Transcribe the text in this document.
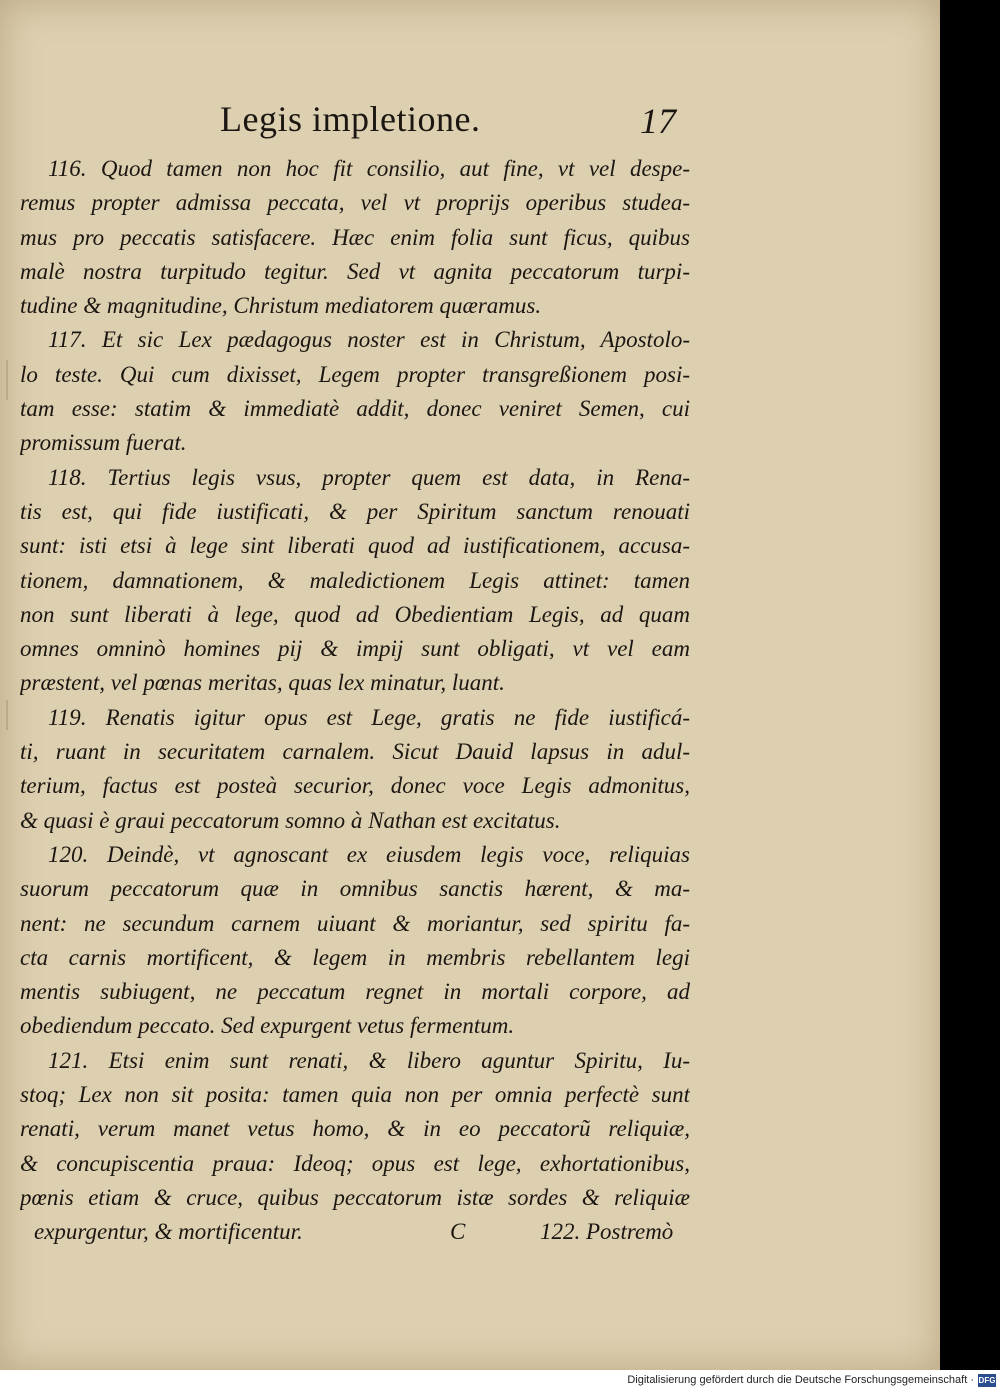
Legis impletione.	17
116. Quod tamen non hoc fit consilio, aut fine, vt vel despe-
remus propter admissa peccata, vel vt proprijs operibus studea-
mus pro peccatis satisfacere. Hæc enim folia sunt ficus, quibus
malè nostra turpitudo tegitur. Sed vt agnita peccatorum turpi-
tudine & magnitudine, Christum mediatorem quæramus.
117. Et sic Lex pædagogus noster est in Christum, Apostolo-
lo teste. Qui cum dixisset, Legem propter transgreßionem posi-
tam esse: statim & immediatè addit, donec veniret Semen, cui
promissum fuerat.
118. Tertius legis vsus, propter quem est data, in Rena-
tis est, qui fide iustificati, & per Spiritum sanctum renouati
sunt: isti etsi à lege sint liberati quod ad iustificationem, accusa-
tionem, damnationem, & maledictionem Legis attinet: tamen
non sunt liberati à lege, quod ad Obedientiam Legis, ad quam
omnes omninò homines pij & impij sunt obligati, vt vel eam
præstent, vel pœnas meritas, quas lex minatur, luant.
119. Renatis igitur opus est Lege, gratis ne fide iustificá-
ti, ruant in securitatem carnalem. Sicut Dauid lapsus in adul-
terium, factus est posteà securior, donec voce Legis admonitus,
& quasi è graui peccatorum somno à Nathan est excitatus.
120. Deindè, vt agnoscant ex eiusdem legis voce, reliquias
suorum peccatorum quæ in omnibus sanctis hærent, & ma-
nent: ne secundum carnem uiuant & moriantur, sed spiritu fa-
cta carnis mortificent, & legem in membris rebellantem legi
mentis subiugent, ne peccatum regnet in mortali corpore, ad
obediendum peccato. Sed expurgent vetus fermentum.
121. Etsi enim sunt renati, & libero aguntur Spiritu, Iu-
stoq; Lex non sit posita: tamen quia non per omnia perfectè sunt
renati, verum manet vetus homo, & in eo peccatorũ reliquiæ,
& concupiscentia praua: Ideoq; opus est lege, exhortationibus,
pœnis etiam & cruce, quibus peccatorum istæ sordes & reliquiæ
expurgentur, & mortificentur.	C	122. Postremò
Digitalisierung gefördert durch die Deutsche Forschungsgemeinschaft · DFG
